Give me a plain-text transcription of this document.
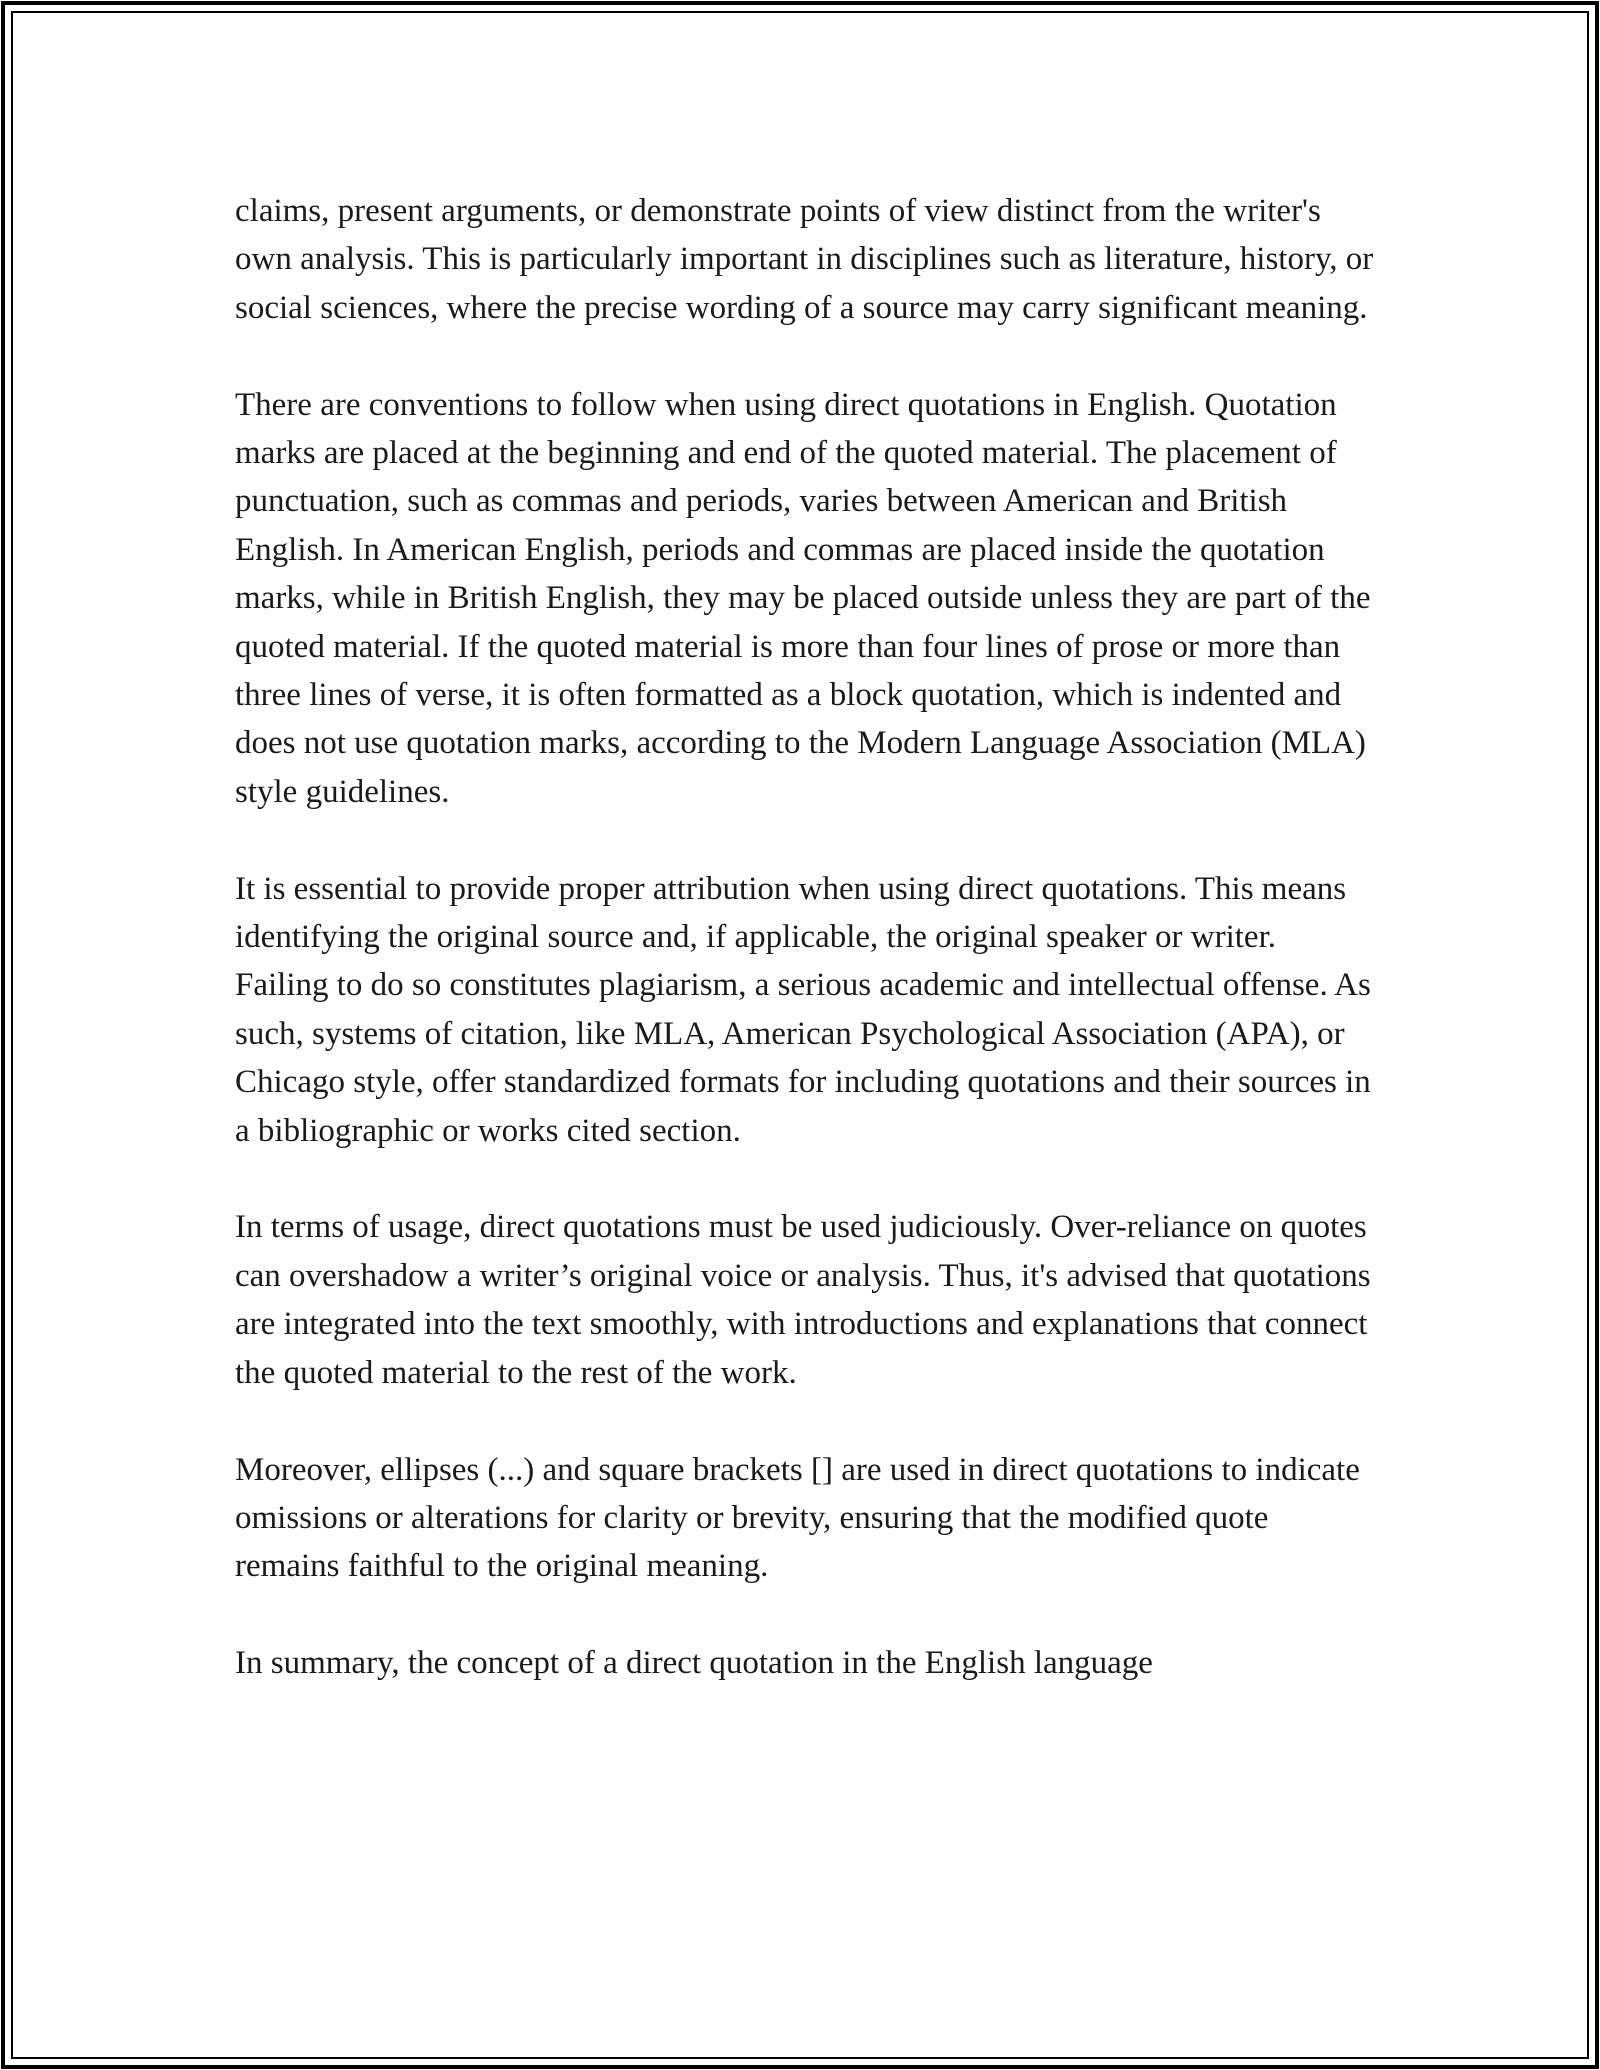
claims, present arguments, or demonstrate points of view distinct from the writer's own analysis. This is particularly important in disciplines such as literature, history, or social sciences, where the precise wording of a source may carry significant meaning.

There are conventions to follow when using direct quotations in English. Quotation marks are placed at the beginning and end of the quoted material. The placement of punctuation, such as commas and periods, varies between American and British English. In American English, periods and commas are placed inside the quotation marks, while in British English, they may be placed outside unless they are part of the quoted material. If the quoted material is more than four lines of prose or more than three lines of verse, it is often formatted as a block quotation, which is indented and does not use quotation marks, according to the Modern Language Association (MLA) style guidelines.

It is essential to provide proper attribution when using direct quotations. This means identifying the original source and, if applicable, the original speaker or writer. Failing to do so constitutes plagiarism, a serious academic and intellectual offense. As such, systems of citation, like MLA, American Psychological Association (APA), or Chicago style, offer standardized formats for including quotations and their sources in a bibliographic or works cited section.

In terms of usage, direct quotations must be used judiciously. Over-reliance on quotes can overshadow a writer’s original voice or analysis. Thus, it's advised that quotations are integrated into the text smoothly, with introductions and explanations that connect the quoted material to the rest of the work.

Moreover, ellipses (...) and square brackets [] are used in direct quotations to indicate omissions or alterations for clarity or brevity, ensuring that the modified quote remains faithful to the original meaning.

In summary, the concept of a direct quotation in the English language
